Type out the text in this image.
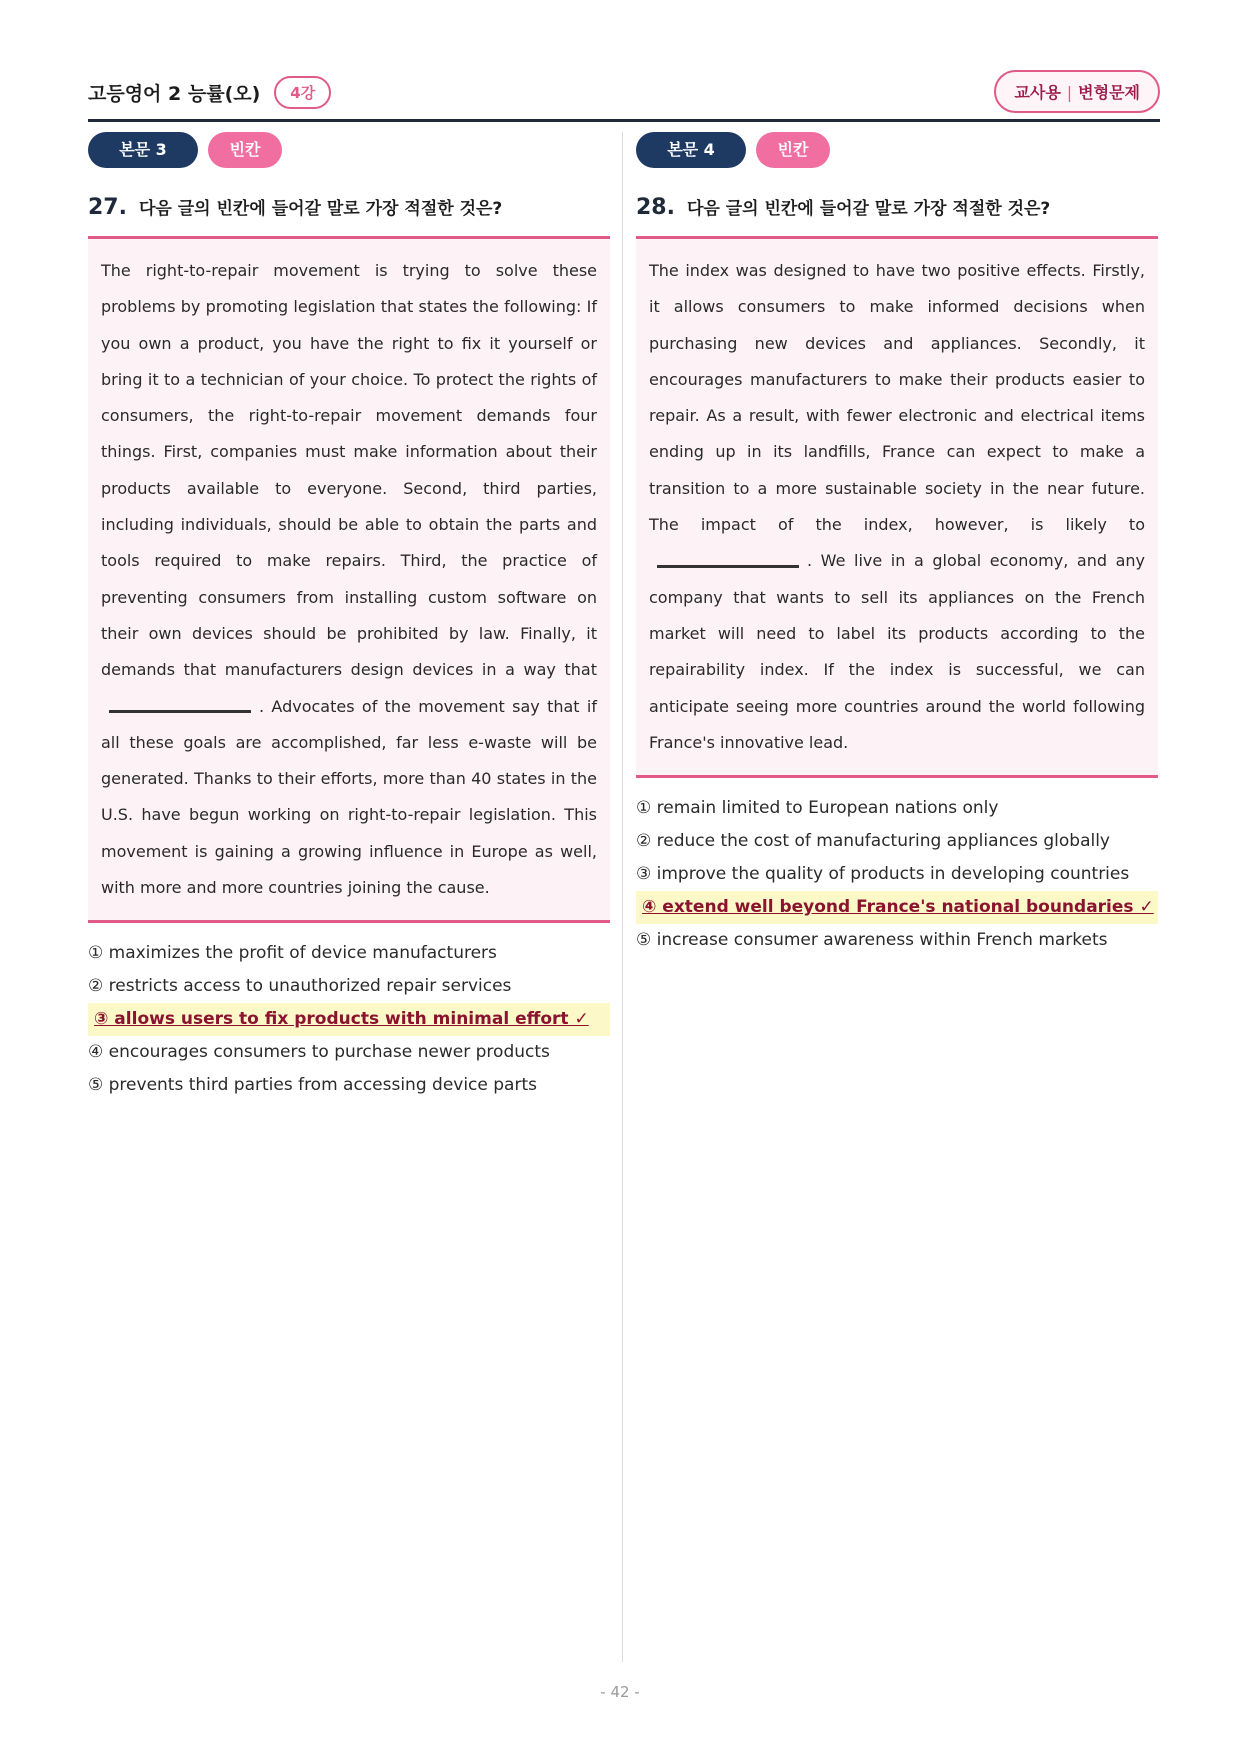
고등영어 2 능률(오)	4강	교사용 | 변형문제
본문 3	빈칸
27. 다음 글의 빈칸에 들어갈 말로 가장 적절한 것은?
The right-to-repair movement is trying to solve these problems by promoting legislation that states the following: If you own a product, you have the right to fix it yourself or bring it to a technician of your choice. To protect the rights of consumers, the right-to-repair movement demands four things. First, companies must make information about their products available to everyone. Second, third parties, including individuals, should be able to obtain the parts and tools required to make repairs. Third, the practice of preventing consumers from installing custom software on their own devices should be prohibited by law. Finally, it demands that manufacturers design devices in a way that. Advocates of the movement say that if all these goals are accomplished, far less e-waste will be generated. Thanks to their efforts, more than 40 states in the U.S. have begun working on right-to-repair legislation. This movement is gaining a growing influence in Europe as well, with more and more countries joining the cause.
① maximizes the profit of device manufacturers
② restricts access to unauthorized repair services
③ allows users to fix products with minimal effort ✓
④ encourages consumers to purchase newer products
⑤ prevents third parties from accessing device parts
본문 4	빈칸
28. 다음 글의 빈칸에 들어갈 말로 가장 적절한 것은?
The index was designed to have two positive effects. Firstly, it allows consumers to make informed decisions when purchasing new devices and appliances. Secondly, it encourages manufacturers to make their products easier to repair. As a result, with fewer electronic and electrical items ending up in its landfills, France can expect to make a transition to a more sustainable society in the near future. The impact of the index, however, is likely to. We live in a global economy, and any company that wants to sell its appliances on the French market will need to label its products according to the repairability index. If the index is successful, we can anticipate seeing more countries around the world following France's innovative lead.
① remain limited to European nations only
② reduce the cost of manufacturing appliances globally
③ improve the quality of products in developing countries
④ extend well beyond France's national boundaries ✓
⑤ increase consumer awareness within French markets
- 42 -
